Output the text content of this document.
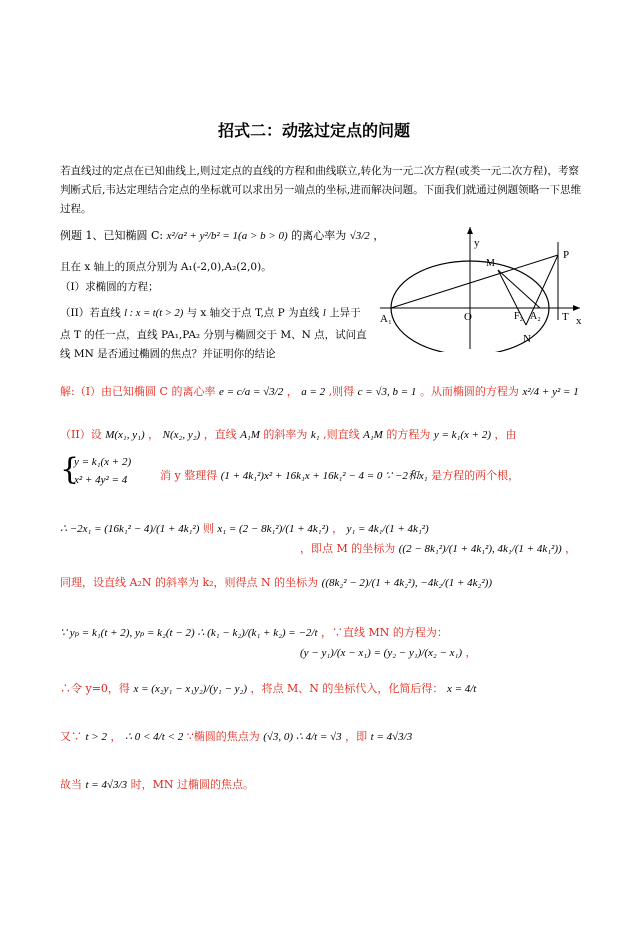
招式二：动弦过定点的问题
若直线过的定点在已知曲线上,则过定点的直线的方程和曲线联立,转化为一元二次方程(或类一元二次方程)，考察判断式后,韦达定理结合定点的坐标就可以求出另一端点的坐标,进而解决问题。下面我们就通过例题领略一下思维过程。
例题 1、已知椭圆 C: x²/a² + y²/b² = 1(a > b > 0) 的离心率为 √3/2 ，
且在 x 轴上的顶点分别为 A₁(-2,0),A₂(2,0)。
（I）求椭圆的方程；
（II）若直线 l : x = t(t > 2) 与 x 轴交于点 T,点 P 为直线 l 上异于
点 T 的任一点，直线 PA₁,PA₂ 分别与椭圆交于 M、N 点，试问直
线 MN 是否通过椭圆的焦点？并证明你的结论
y
x
O
A₁	F₂ A₂ T
P
M
N
解:（I）由已知椭圆 C 的离心率 e = c/a = √3/2 ， a = 2 ,则得 c = √3, b = 1 。从而椭圆的方程为 x²/4 + y² = 1
（II）设 M(x₁, y₁) ， N(x₂, y₂) ，直线 A₁M 的斜率为 k₁ ,则直线 A₁M 的方程为 y = k₁(x + 2) ，由
{
y = k₁(x + 2)
x² + 4y² = 4	消 y 整理得 (1 + 4k₁²)x² + 16k₁x + 16k₁² − 4 = 0 ∵ −2和x₁ 是方程的两个根，
∴ −2x₁ = (16k₁² − 4)/(1 + 4k₁²) 则 x₁ = (2 − 8k₁²)/(1 + 4k₁²) ， y₁ = 4k₁/(1 + 4k₁²)
，即点 M 的坐标为 ((2 − 8k₁²)/(1 + 4k₁²), 4k₁/(1 + 4k₁²)) ，
同理，设直线 A₂N 的斜率为 k₂，则得点 N 的坐标为 ((8k₂² − 2)/(1 + 4k₂²), −4k₂/(1 + 4k₂²))
∵ yₚ = k₁(t + 2), yₚ = k₂(t − 2) ∴ (k₁ − k₂)/(k₁ + k₂) = −2/t ，∵直线 MN 的方程为：
(y − y₁)/(x − x₁) = (y₂ − y₁)/(x₂ − x₁) ，
∴令 y=0，得 x = (x₂y₁ − x₁y₂)/(y₁ − y₂) ，将点 M、N 的坐标代入，化简后得： x = 4/t
又∵ t > 2 ， ∴ 0 < 4/t < 2 ∵椭圆的焦点为 (√3, 0) ∴ 4/t = √3 ，即 t = 4√3/3
故当 t = 4√3/3 时，MN 过椭圆的焦点。
